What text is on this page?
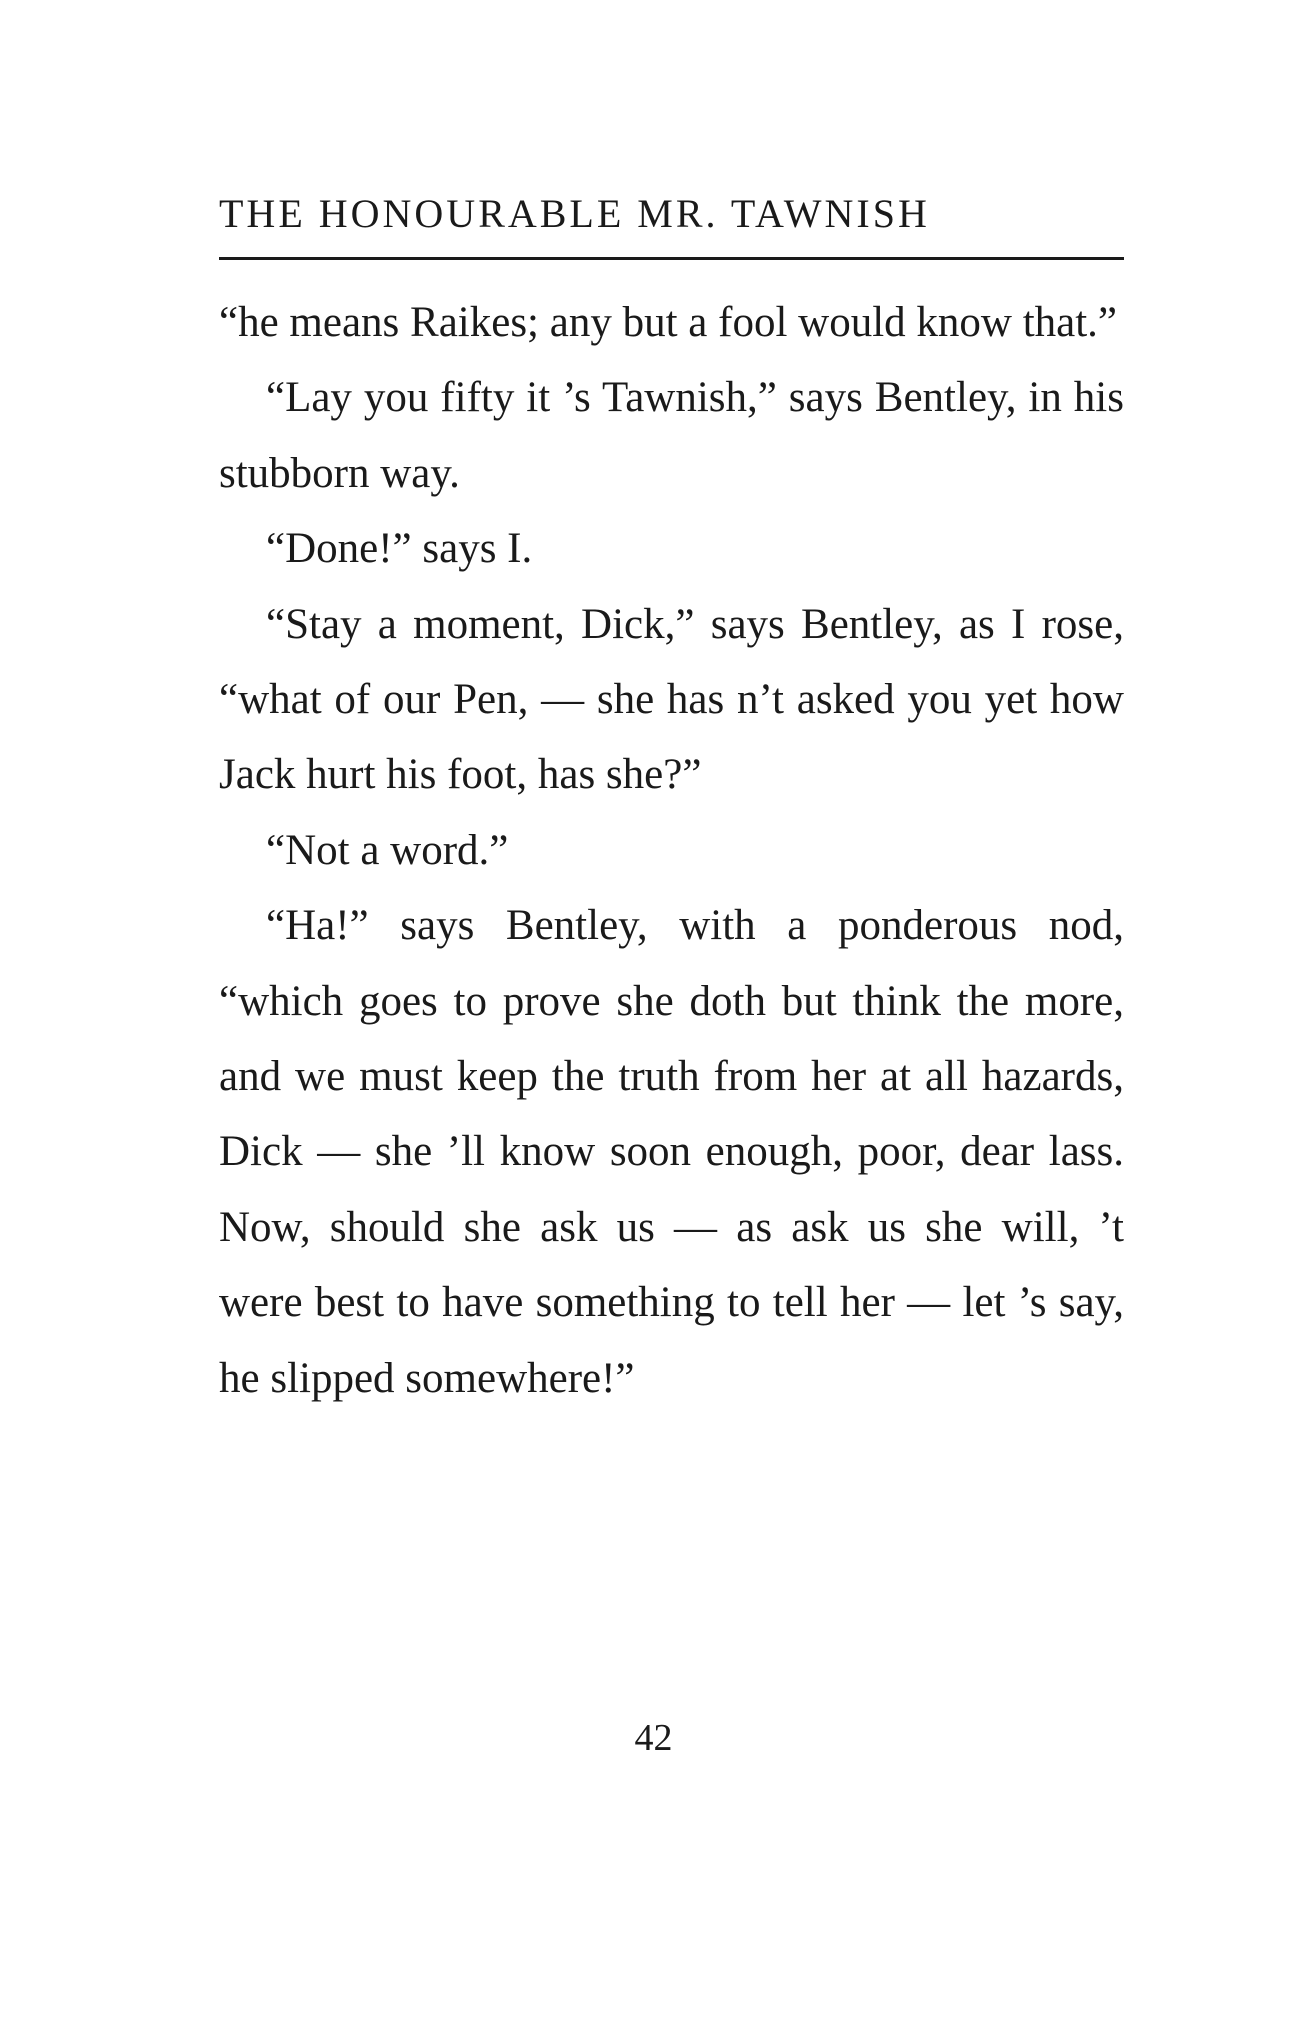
THE HONOURABLE MR. TAWNISH

“he means Raikes; any but a fool would know that.”

“Lay you fifty it ’s Tawnish,” says Bentley, in his stubborn way.

“Done!” says I.

“Stay a moment, Dick,” says Bentley, as I rose, “what of our Pen, — she has n’t asked you yet how Jack hurt his foot, has she?”

“Not a word.”

“Ha!” says Bentley, with a ponderous nod, “which goes to prove she doth but think the more, and we must keep the truth from her at all hazards, Dick — she ’ll know soon enough, poor, dear lass. Now, should she ask us — as ask us she will, ’t were best to have something to tell her — let ’s say, he slipped somewhere!”

42
